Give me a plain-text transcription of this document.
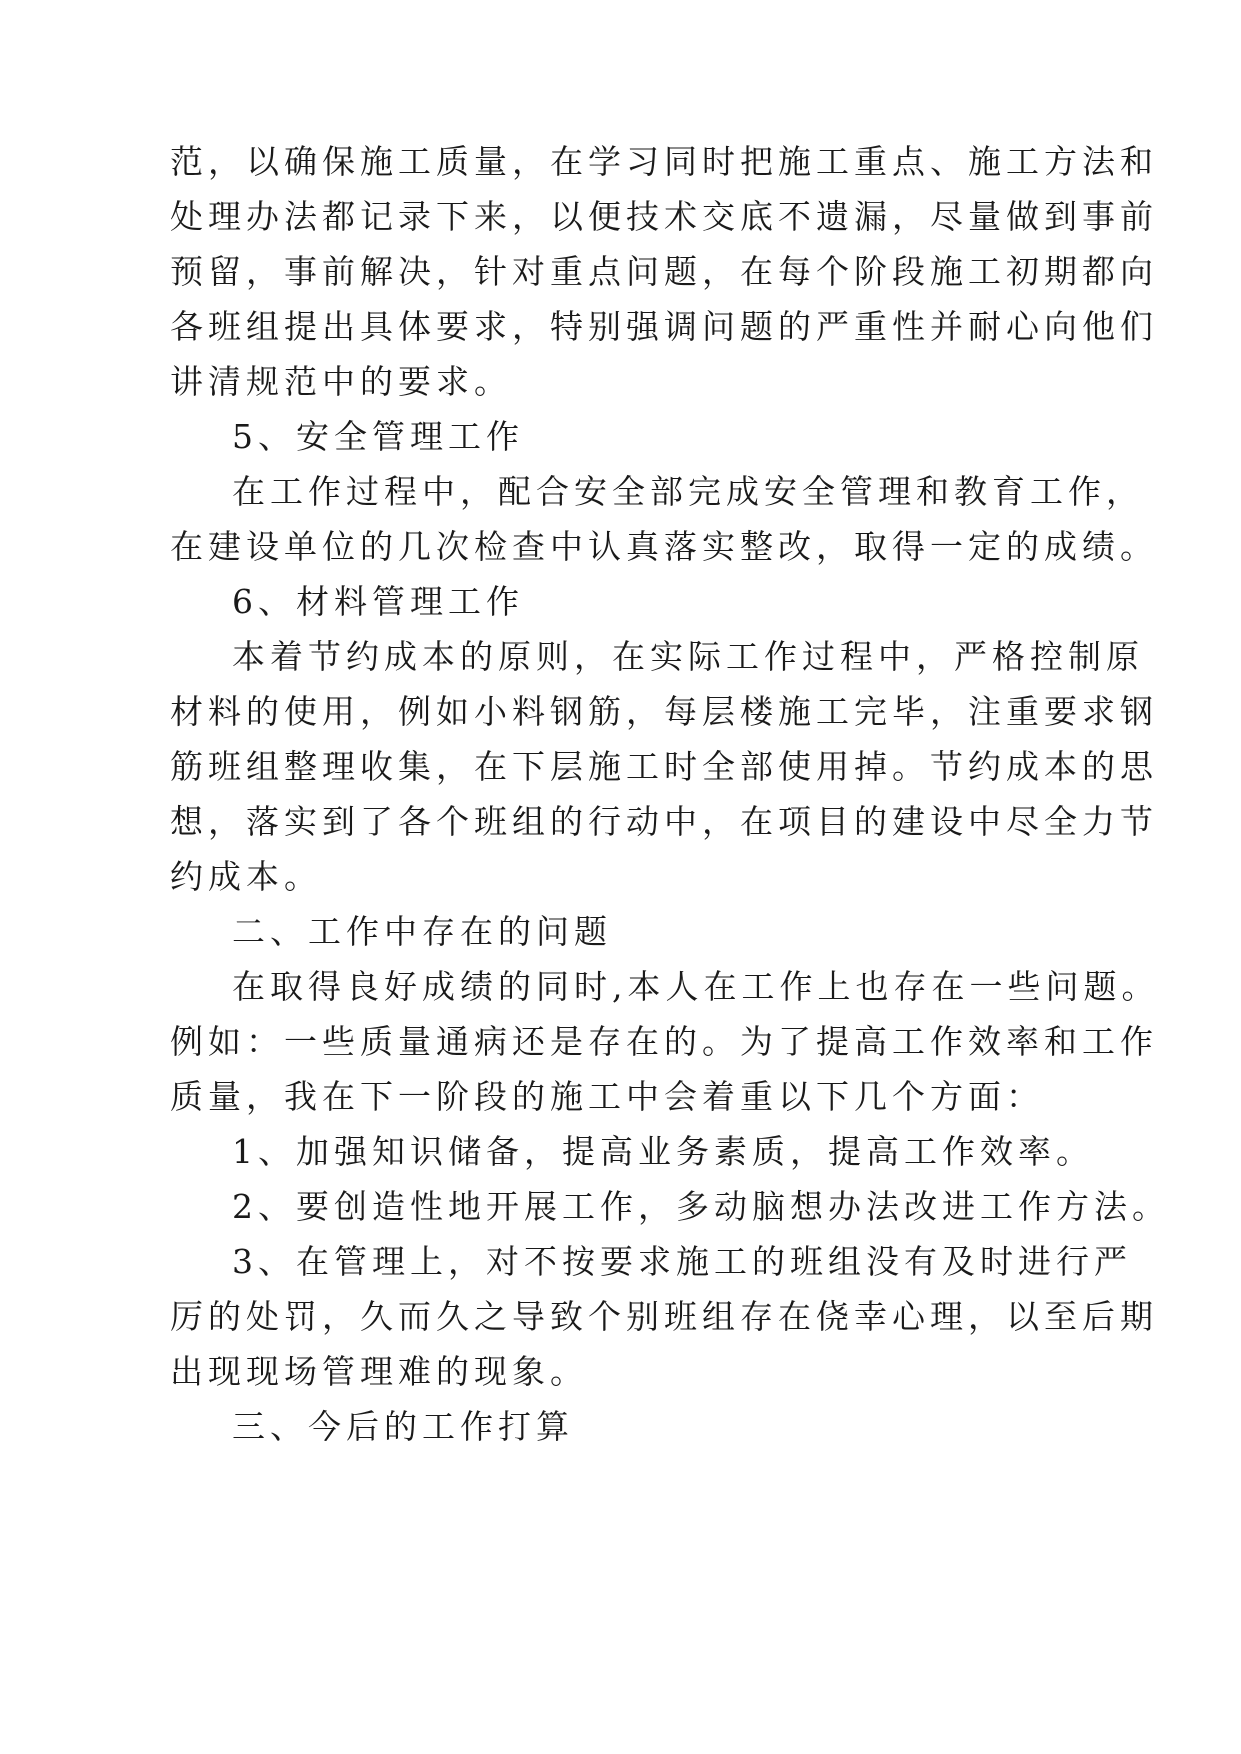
范，以确保施工质量，在学习同时把施工重点、施工方法和
处理办法都记录下来，以便技术交底不遗漏，尽量做到事前
预留，事前解决，针对重点问题，在每个阶段施工初期都向
各班组提出具体要求，特别强调问题的严重性并耐心向他们
讲清规范中的要求。
5、安全管理工作
在工作过程中，配合安全部完成安全管理和教育工作，
在建设单位的几次检查中认真落实整改，取得一定的成绩。
6、材料管理工作
本着节约成本的原则，在实际工作过程中，严格控制原
材料的使用，例如小料钢筋，每层楼施工完毕，注重要求钢
筋班组整理收集，在下层施工时全部使用掉。节约成本的思
想，落实到了各个班组的行动中，在项目的建设中尽全力节
约成本。
二、工作中存在的问题
在取得良好成绩的同时,本人在工作上也存在一些问题。
例如：一些质量通病还是存在的。为了提高工作效率和工作
质量，我在下一阶段的施工中会着重以下几个方面：
1、加强知识储备，提高业务素质，提高工作效率。
2、要创造性地开展工作，多动脑想办法改进工作方法。
3、在管理上，对不按要求施工的班组没有及时进行严
厉的处罚，久而久之导致个别班组存在侥幸心理，以至后期
出现现场管理难的现象。
三、今后的工作打算
